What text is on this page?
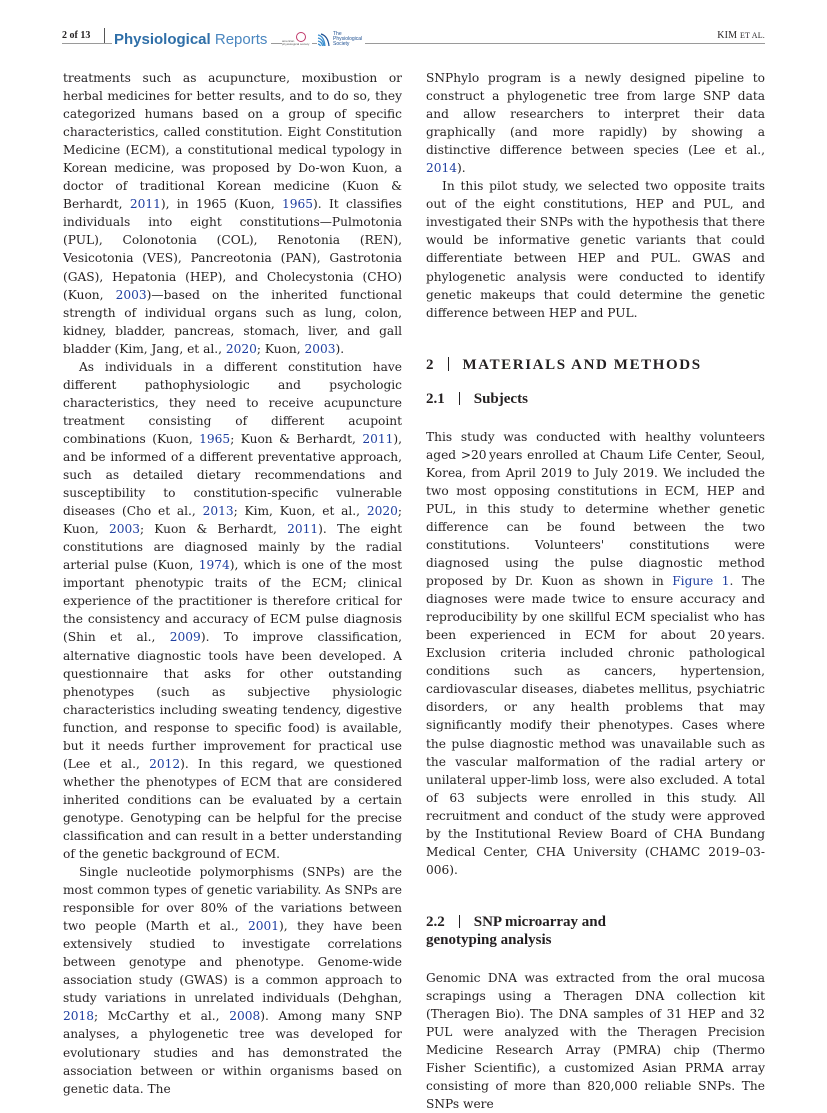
2 of 13	Physiological Reports	american physiological society
The
Physiological
Society
KIM ET AL.

treatments such as acupuncture, moxibustion or herbal medicines for better results, and to do so, they categorized humans based on a group of specific characteristics, called constitution. Eight Constitution Medicine (ECM), a constitutional medical typology in Korean medicine, was proposed by Do-won Kuon, a doctor of traditional Korean medicine (Kuon & Berhardt, 2011), in 1965 (Kuon, 1965). It classifies individuals into eight constitutions—Pulmotonia (PUL), Colonotonia (COL), Renotonia (REN), Vesicotonia (VES), Pancreotonia (PAN), Gastrotonia (GAS), Hepatonia (HEP), and Cholecystonia (CHO) (Kuon, 2003)—based on the inherited functional strength of individual organs such as lung, colon, kidney, bladder, pancreas, stomach, liver, and gall bladder (Kim, Jang, et al., 2020; Kuon, 2003).

As individuals in a different constitution have different pathophysiologic and psychologic characteristics, they need to receive acupuncture treatment consisting of different acupoint combinations (Kuon, 1965; Kuon & Berhardt, 2011), and be informed of a different preventative approach, such as detailed dietary recommendations and susceptibility to constitution-specific vulnerable diseases (Cho et al., 2013; Kim, Kuon, et al., 2020; Kuon, 2003; Kuon & Berhardt, 2011). The eight constitutions are diagnosed mainly by the radial arterial pulse (Kuon, 1974), which is one of the most important phenotypic traits of the ECM; clinical experience of the practitioner is therefore critical for the consistency and accuracy of ECM pulse diagnosis (Shin et al., 2009). To improve classification, alternative diagnostic tools have been developed. A questionnaire that asks for other outstanding phenotypes (such as subjective physiologic characteristics including sweating tendency, digestive function, and response to specific food) is available, but it needs further improvement for practical use (Lee et al., 2012). In this regard, we questioned whether the phenotypes of ECM that are considered inherited conditions can be evaluated by a certain genotype. Genotyping can be helpful for the precise classification and can result in a better understanding of the genetic background of ECM.

Single nucleotide polymorphisms (SNPs) are the most common types of genetic variability. As SNPs are responsible for over 80% of the variations between two people (Marth et al., 2001), they have been extensively studied to investigate correlations between genotype and phenotype. Genome-wide association study (GWAS) is a common approach to study variations in unrelated individuals (Dehghan, 2018; McCarthy et al., 2008). Among many SNP analyses, a phylogenetic tree was developed for evolutionary studies and has demonstrated the association between or within organisms based on genetic data. The

SNPhylo program is a newly designed pipeline to construct a phylogenetic tree from large SNP data and allow researchers to interpret their data graphically (and more rapidly) by showing a distinctive difference between species (Lee et al., 2014).

In this pilot study, we selected two opposite traits out of the eight constitutions, HEP and PUL, and investigated their SNPs with the hypothesis that there would be informative genetic variants that could differentiate between HEP and PUL. GWAS and phylogenetic analysis were conducted to identify genetic makeups that could determine the genetic difference between HEP and PUL.

2 MATERIALS AND METHODS
2.1 Subjects

This study was conducted with healthy volunteers aged >20 years enrolled at Chaum Life Center, Seoul, Korea, from April 2019 to July 2019. We included the two most opposing constitutions in ECM, HEP and PUL, in this study to determine whether genetic difference can be found between the two constitutions. Volunteers' constitutions were diagnosed using the pulse diagnostic method proposed by Dr. Kuon as shown in Figure 1. The diagnoses were made twice to ensure accuracy and reproducibility by one skillful ECM specialist who has been experienced in ECM for about 20 years. Exclusion criteria included chronic pathological conditions such as cancers, hypertension, cardiovascular diseases, diabetes mellitus, psychiatric disorders, or any health problems that may significantly modify their phenotypes. Cases where the pulse diagnostic method was unavailable such as the vascular malformation of the radial artery or unilateral upper-limb loss, were also excluded. A total of 63 subjects were enrolled in this study. All recruitment and conduct of the study were approved by the Institutional Review Board of CHA Bundang Medical Center, CHA University (CHAMC 2019–03-006).

2.2 SNP microarray and
genotyping analysis

Genomic DNA was extracted from the oral mucosa scrapings using a Theragen DNA collection kit (Theragen Bio). The DNA samples of 31 HEP and 32 PUL were analyzed with the Theragen Precision Medicine Research Array (PMRA) chip (Thermo Fisher Scientific), a customized Asian PRMA array consisting of more than 820,000 reliable SNPs. The SNPs were
